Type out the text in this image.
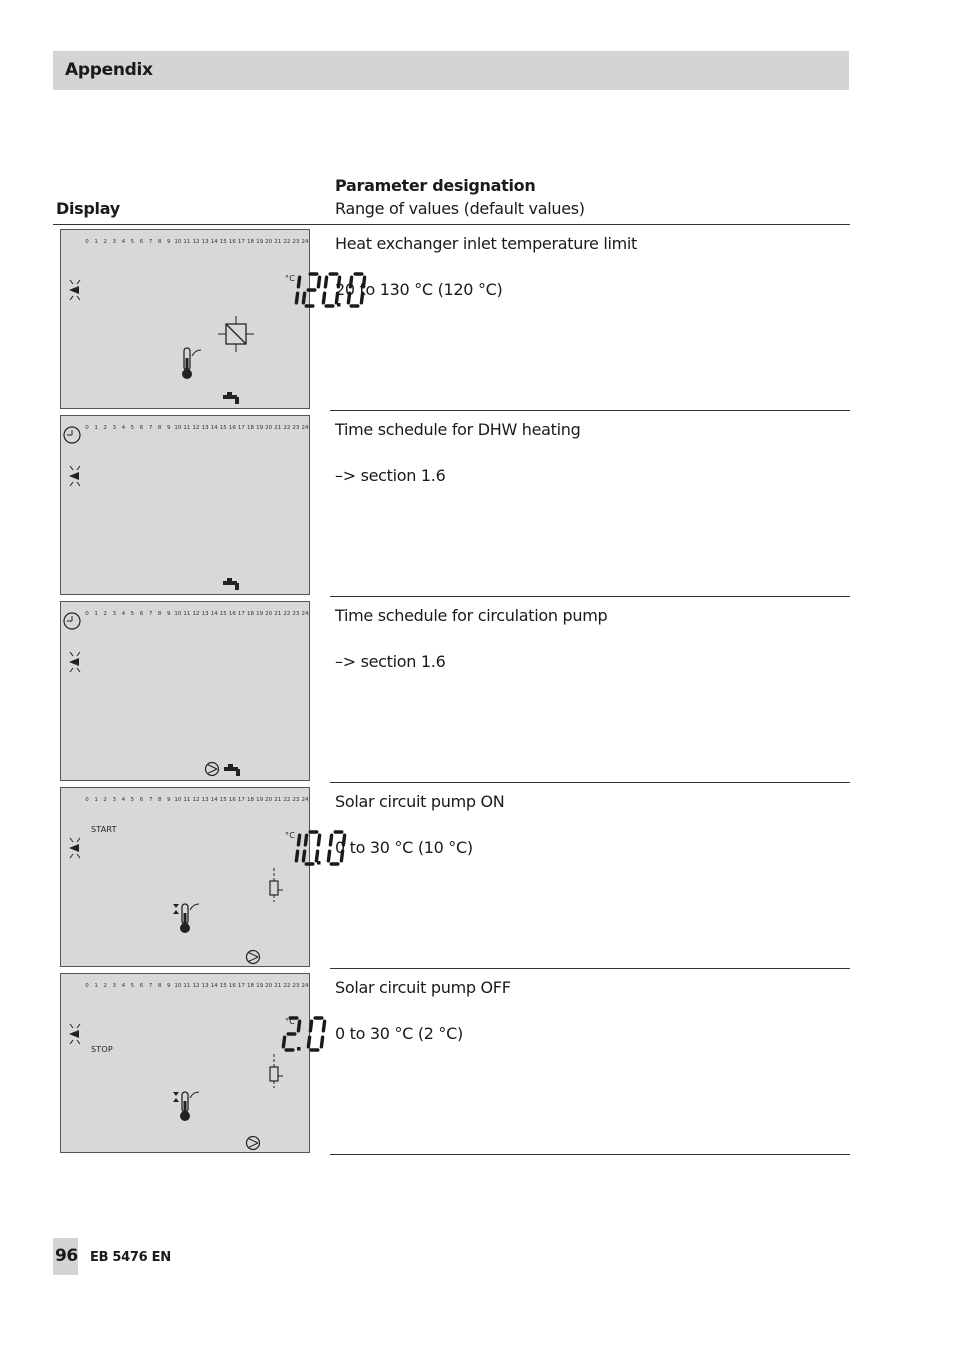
Appendix
Display
Parameter designation
Range of values (default values)
0 1 2 3 4 5 6 7 8 9 10 11 12 13 14 15 16 17 18 19 20 21 22 23 24
°C
Heat exchanger inlet temperature limit
20 to 130 °C (120 °C)
0 1 2 3 4 5 6 7 8 9 10 11 12 13 14 15 16 17 18 19 20 21 22 23 24 Time schedule for DHW heating
–> section 1.6
0 1 2 3 4 5 6 7 8 9 10 11 12 13 14 15 16 17 18 19 20 21 22 23 24 Time schedule for circulation pump
–> section 1.6
0 1 2 3 4 5 6 7 8 9 10 11 12 13 14 15 16 17 18 19 20 21 22 23 24
START
°C
Solar circuit pump ON
0 to 30 °C (10 °C)
0 1 2 3 4 5 6 7 8 9 10 11 12 13 14 15 16 17 18 19 20 21 22 23 24
STOP
°C
Solar circuit pump OFF
0 to 30 °C (2 °C)
96 EB 5476 EN
